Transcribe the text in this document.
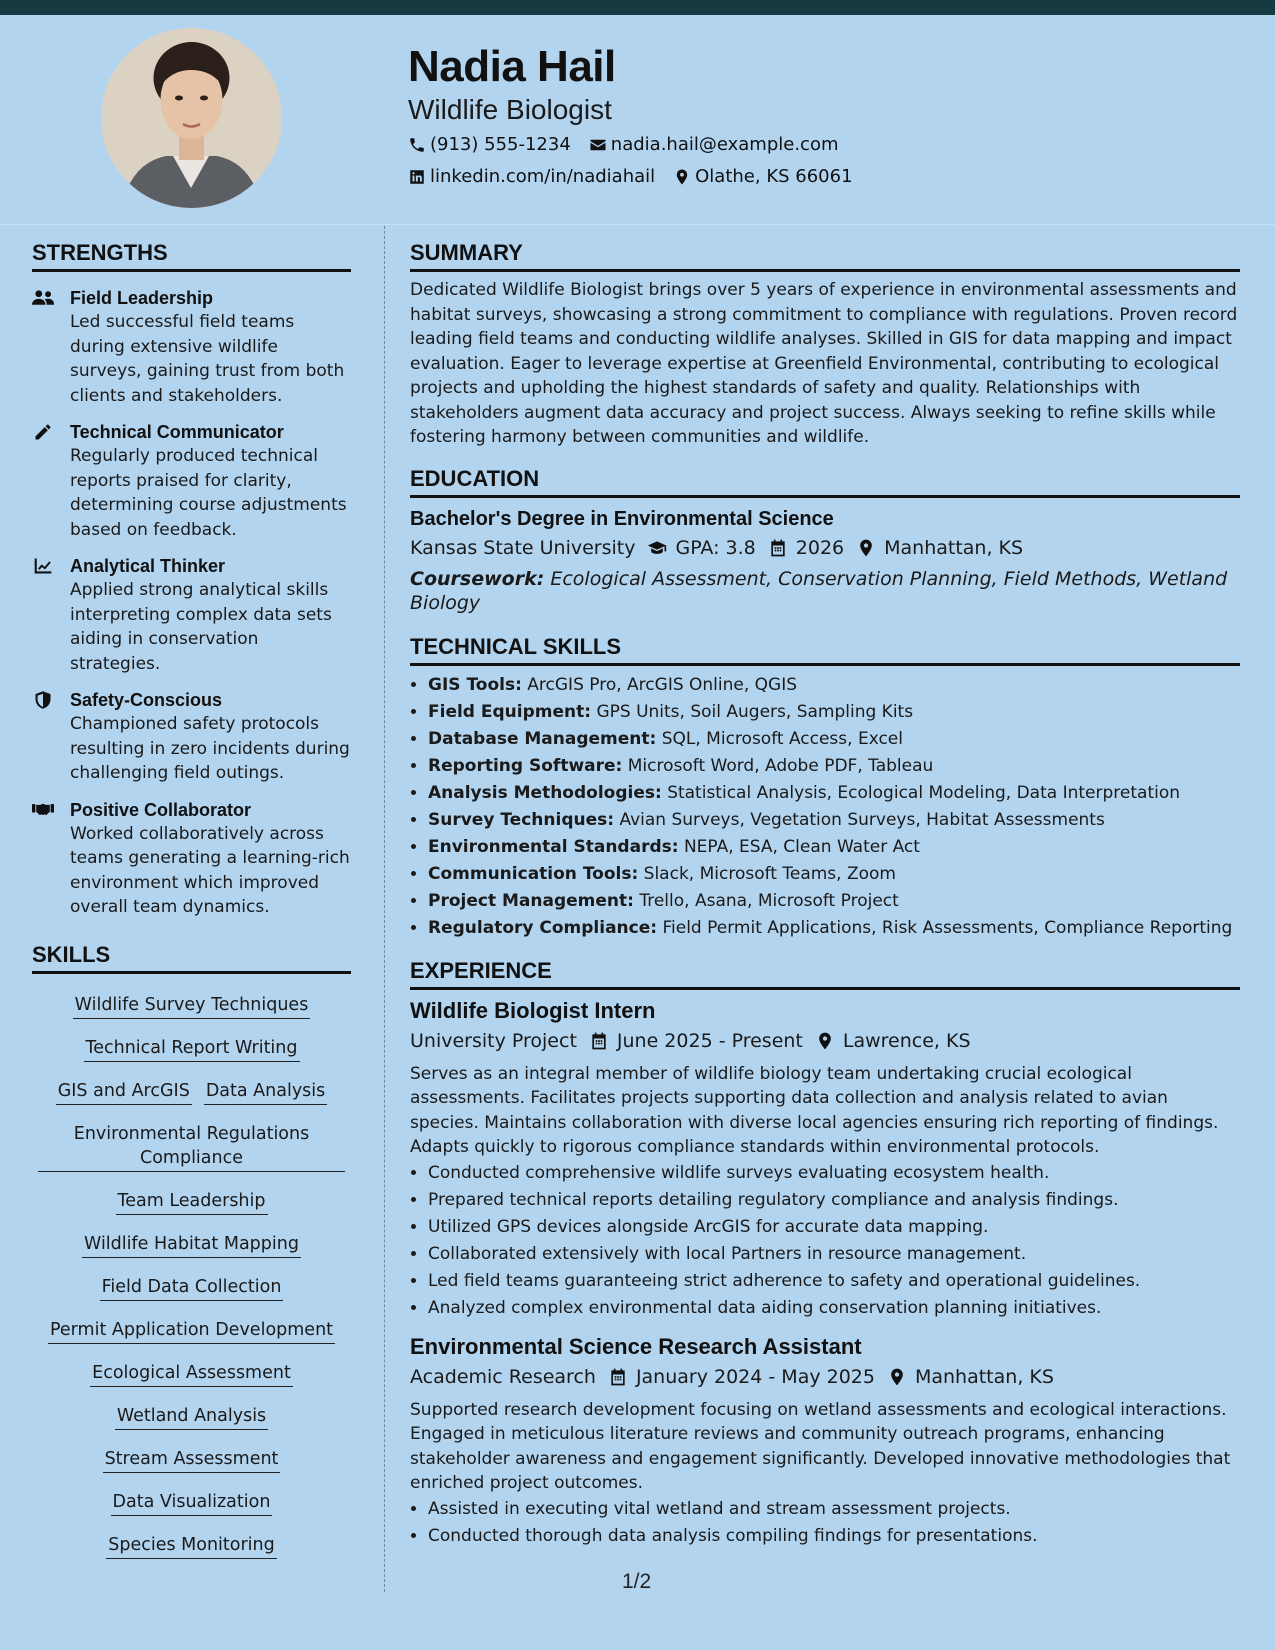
Nadia Hail
Wildlife Biologist
(913) 555-1234 nadia.hail@example.com
linkedin.com/in/nadiahail Olathe, KS 66061
STRENGTHS
Field Leadership
Led successful field teams during extensive wildlife surveys, gaining trust from both clients and stakeholders.
Technical Communicator
Regularly produced technical reports praised for clarity, determining course adjustments based on feedback.
Analytical Thinker
Applied strong analytical skills interpreting complex data sets aiding in conservation strategies.
Safety-Conscious
Championed safety protocols resulting in zero incidents during challenging field outings.
Positive Collaborator
Worked collaboratively across teams generating a learning-rich environment which improved overall team dynamics.
SKILLS
Wildlife Survey Techniques
Technical Report Writing
GIS and ArcGIS Data Analysis
Environmental Regulations Compliance
Team Leadership
Wildlife Habitat Mapping
Field Data Collection
Permit Application Development
Ecological Assessment
Wetland Analysis
Stream Assessment
Data Visualization
Species Monitoring
SUMMARY

Dedicated Wildlife Biologist brings over 5 years of experience in environmental assessments and habitat surveys, showcasing a strong commitment to compliance with regulations. Proven record leading field teams and conducting wildlife analyses. Skilled in GIS for data mapping and impact evaluation. Eager to leverage expertise at Greenfield Environmental, contributing to ecological projects and upholding the highest standards of safety and quality. Relationships with stakeholders augment data accuracy and project success. Always seeking to refine skills while fostering harmony between communities and wildlife.

EDUCATION
Bachelor's Degree in Environmental Science
Kansas State University GPA: 3.8 2026 Manhattan, KS
Coursework: Ecological Assessment, Conservation Planning, Field Methods, Wetland Biology
TECHNICAL SKILLS
• GIS Tools: ArcGIS Pro, ArcGIS Online, QGIS
• Field Equipment: GPS Units, Soil Augers, Sampling Kits
• Database Management: SQL, Microsoft Access, Excel
• Reporting Software: Microsoft Word, Adobe PDF, Tableau
• Analysis Methodologies: Statistical Analysis, Ecological Modeling, Data Interpretation
• Survey Techniques: Avian Surveys, Vegetation Surveys, Habitat Assessments
• Environmental Standards: NEPA, ESA, Clean Water Act
• Communication Tools: Slack, Microsoft Teams, Zoom
• Project Management: Trello, Asana, Microsoft Project
• Regulatory Compliance: Field Permit Applications, Risk Assessments, Compliance Reporting
EXPERIENCE
Wildlife Biologist Intern
University Project June 2025 - Present Lawrence, KS

Serves as an integral member of wildlife biology team undertaking crucial ecological assessments. Facilitates projects supporting data collection and analysis related to avian species. Maintains collaboration with diverse local agencies ensuring rich reporting of findings. Adapts quickly to rigorous compliance standards within environmental protocols.

• Conducted comprehensive wildlife surveys evaluating ecosystem health.
• Prepared technical reports detailing regulatory compliance and analysis findings.
• Utilized GPS devices alongside ArcGIS for accurate data mapping.
• Collaborated extensively with local Partners in resource management.
• Led field teams guaranteeing strict adherence to safety and operational guidelines.
• Analyzed complex environmental data aiding conservation planning initiatives.
Environmental Science Research Assistant
Academic Research January 2024 - May 2025 Manhattan, KS

Supported research development focusing on wetland assessments and ecological interactions. Engaged in meticulous literature reviews and community outreach programs, enhancing stakeholder awareness and engagement significantly. Developed innovative methodologies that enriched project outcomes.

• Assisted in executing vital wetland and stream assessment projects.
• Conducted thorough data analysis compiling findings for presentations.
1/2
